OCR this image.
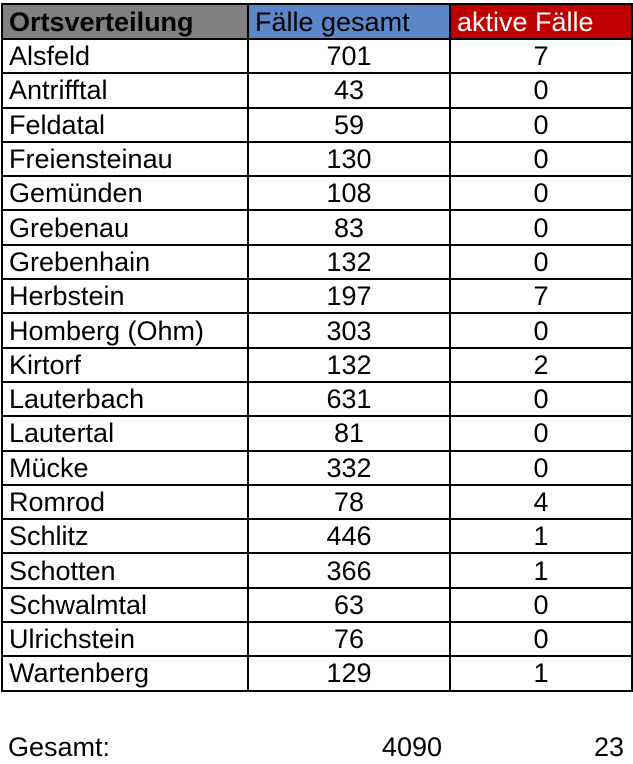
Ortsverteilung	Fälle gesamt	aktive Fälle
Alsfeld	701	7
Antrifftal	43	0
Feldatal	59	0
Freiensteinau	130	0
Gemünden	108	0
Grebenau	83	0
Grebenhain	132	0
Herbstein	197	7
Homberg (Ohm)	303	0
Kirtorf	132	2
Lauterbach	631	0
Lautertal	81	0
Mücke	332	0
Romrod	78	4
Schlitz	446	1
Schotten	366	1
Schwalmtal	63	0
Ulrichstein	76	0
Wartenberg	129	1
Gesamt:	4090	23
